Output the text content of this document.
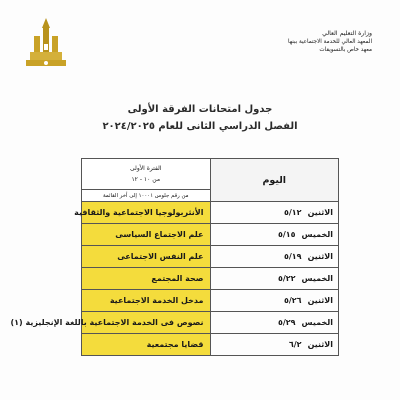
وزارة التعليم العالي
المعهد العالي للخدمة الاجتماعية ببنها
معهد خاص بالتسويقات
جدول امتحانات الفرقة الأولى
الفصل الدراسي الثانى للعام ٢٠٢٤/٢٠٢٥
اليوم	الفترة الأولى
من ١٠ - ١٢
من رقم جلوس ١٠٠٠١ إلى أخر القائمة

الاثنين٥/١٢	الأنثربولوجيا الاجتماعية والثقافية
الخميس٥/١٥	علم الاجتماع السياسى
الاثنين٥/١٩	علم النفس الاجتماعى
الخميس٥/٢٢	صحة المجتمع
الاثنين٥/٢٦	مدخل الخدمة الاجتماعية
الخميس٥/٢٩	نصوص فى الخدمة الاجتماعية باللغة الإنجليزية (١)
الاثنين٦/٢	قضايا مجتمعية
